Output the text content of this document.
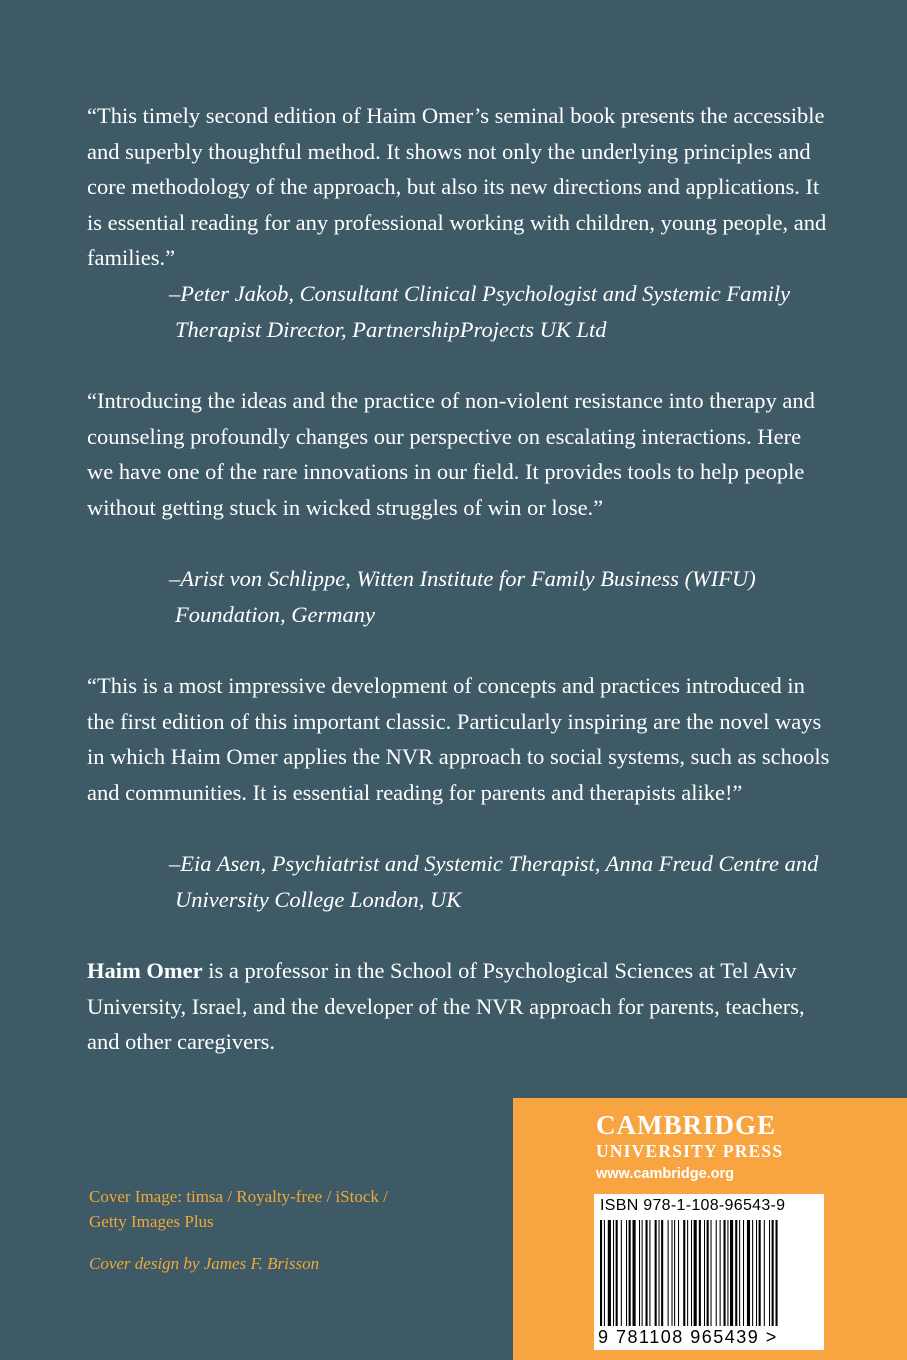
“This timely second edition of Haim Omer’s seminal book presents the accessible and superbly thoughtful method. It shows not only the underlying principles and core methodology of the approach, but also its new directions and applications. It is essential reading for any professional working with children, young people, and families.”

–Peter Jakob, Consultant Clinical Psychologist and Systemic Family Therapist Director, PartnershipProjects UK Ltd

“Introducing the ideas and the practice of non-violent resistance into therapy and counseling profoundly changes our perspective on escalating interactions. Here we have one of the rare innovations in our field. It provides tools to help people without getting stuck in wicked struggles of win or lose.”

–Arist von Schlippe, Witten Institute for Family Business (WIFU) Foundation, Germany

“This is a most impressive development of concepts and practices introduced in the first edition of this important classic. Particularly inspiring are the novel ways in which Haim Omer applies the NVR approach to social systems, such as schools and communities. It is essential reading for parents and therapists alike!”

–Eia Asen, Psychiatrist and Systemic Therapist, Anna Freud Centre and University College London, UK

Haim Omer is a professor in the School of Psychological Sciences at Tel Aviv University, Israel, and the developer of the NVR approach for parents, teachers, and other caregivers.

Cover Image: timsa / Royalty-free / iStock / Getty Images Plus

Cover design by James F. Brisson

CAMBRIDGE

UNIVERSITY PRESS

www.cambridge.org

ISBN 978-1-108-96543-9

9 781108 965439 >
